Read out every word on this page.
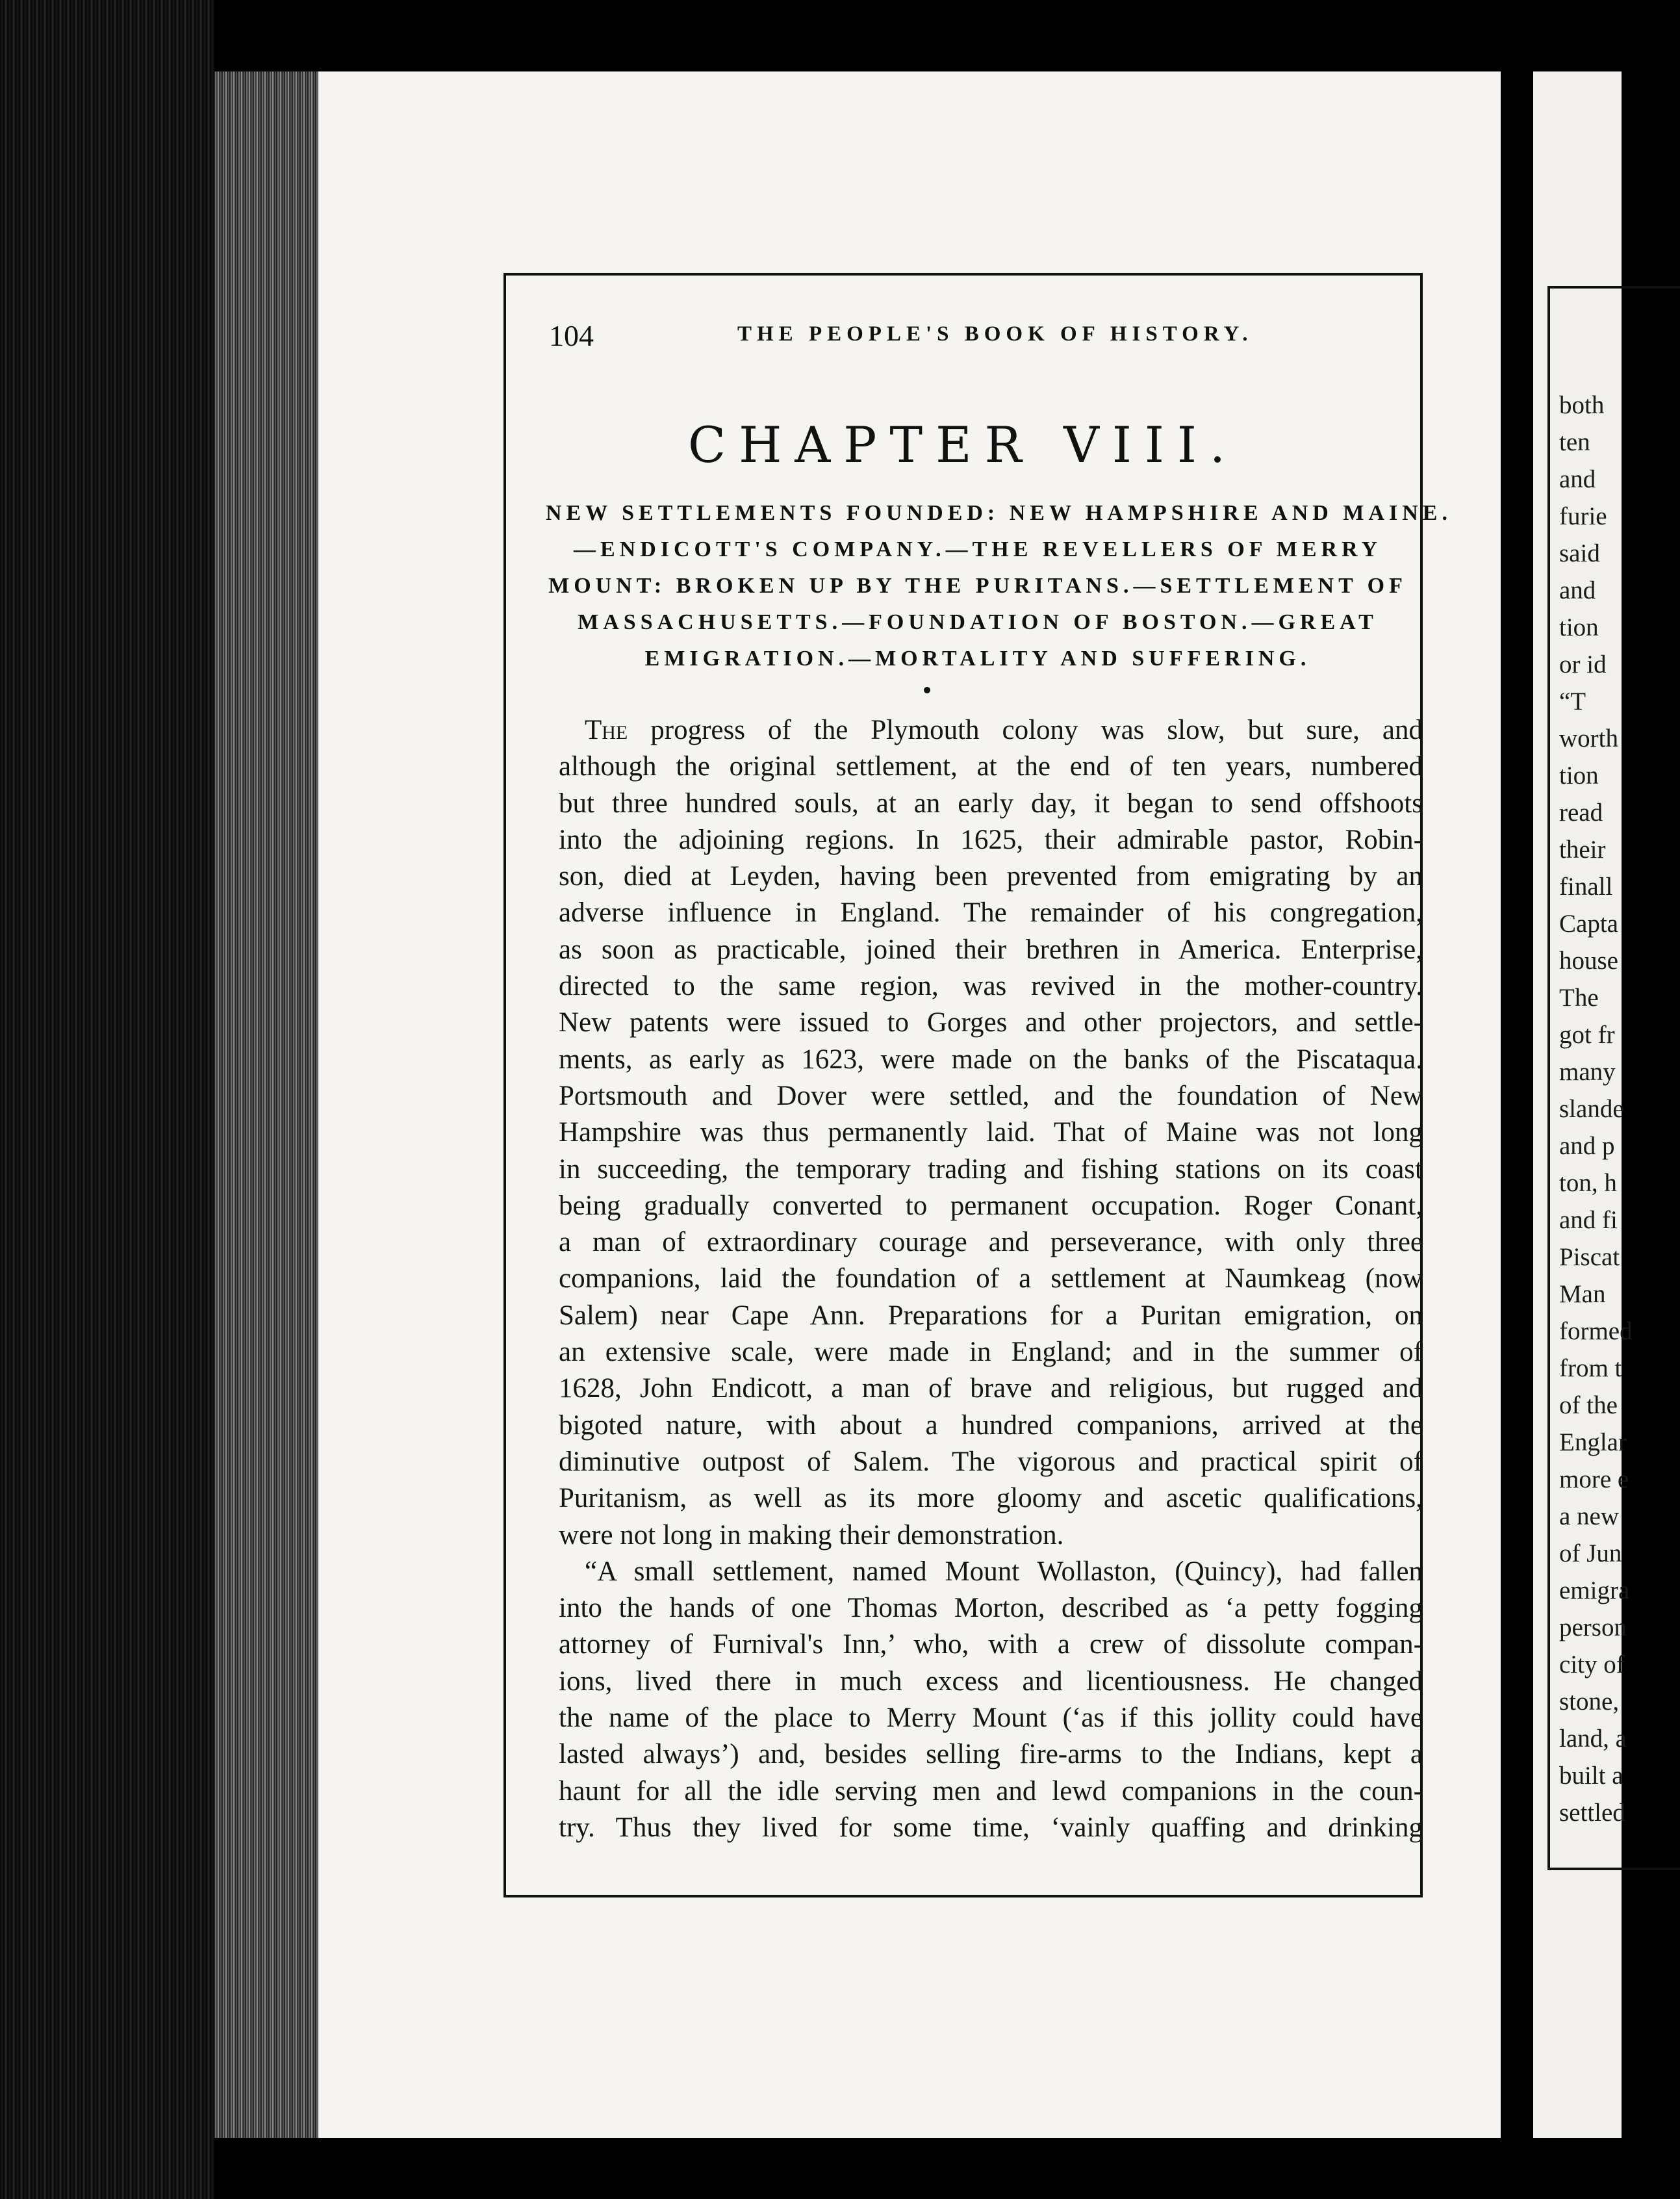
both
ten
and
furie
said
and
tion
or id
“T
worth
tion
read
their
finall
Capta
house
The
got fr
many
slande
and p
ton, h
and fi
Piscat
Man
formed
from t
of the
Englar
more e
a new
of Jun
emigra
person
city of
stone,
land, a
built a
settled
104	THE PEOPLE'S BOOK OF HISTORY.
CHAPTER VIII.
NEW SETTLEMENTS FOUNDED: NEW HAMPSHIRE AND MAINE.
—ENDICOTT'S COMPANY.—THE REVELLERS OF MERRY
MOUNT: BROKEN UP BY THE PURITANS.—SETTLEMENT OF
MASSACHUSETTS.—FOUNDATION OF BOSTON.—GREAT
EMIGRATION.—MORTALITY AND SUFFERING.
The progress of the Plymouth colony was slow, but sure, and
although the original settlement, at the end of ten years, numbered
but three hundred souls, at an early day, it began to send offshoots
into the adjoining regions. In 1625, their admirable pastor, Robin-
son, died at Leyden, having been prevented from emigrating by an
adverse influence in England. The remainder of his congregation,
as soon as practicable, joined their brethren in America. Enterprise,
directed to the same region, was revived in the mother-country.
New patents were issued to Gorges and other projectors, and settle-
ments, as early as 1623, were made on the banks of the Piscataqua.
Portsmouth and Dover were settled, and the foundation of New
Hampshire was thus permanently laid. That of Maine was not long
in succeeding, the temporary trading and fishing stations on its coast
being gradually converted to permanent occupation. Roger Conant,
a man of extraordinary courage and perseverance, with only three
companions, laid the foundation of a settlement at Naumkeag (now
Salem) near Cape Ann. Preparations for a Puritan emigration, on
an extensive scale, were made in England; and in the summer of
1628, John Endicott, a man of brave and religious, but rugged and
bigoted nature, with about a hundred companions, arrived at the
diminutive outpost of Salem. The vigorous and practical spirit of
Puritanism, as well as its more gloomy and ascetic qualifications,
were not long in making their demonstration.
“A small settlement, named Mount Wollaston, (Quincy), had fallen
into the hands of one Thomas Morton, described as ‘a petty fogging
attorney of Furnival's Inn,’ who, with a crew of dissolute compan-
ions, lived there in much excess and licentiousness. He changed
the name of the place to Merry Mount (‘as if this jollity could have
lasted always’) and, besides selling fire-arms to the Indians, kept a
haunt for all the idle serving men and lewd companions in the coun-
try. Thus they lived for some time, ‘vainly quaffing and drinking
